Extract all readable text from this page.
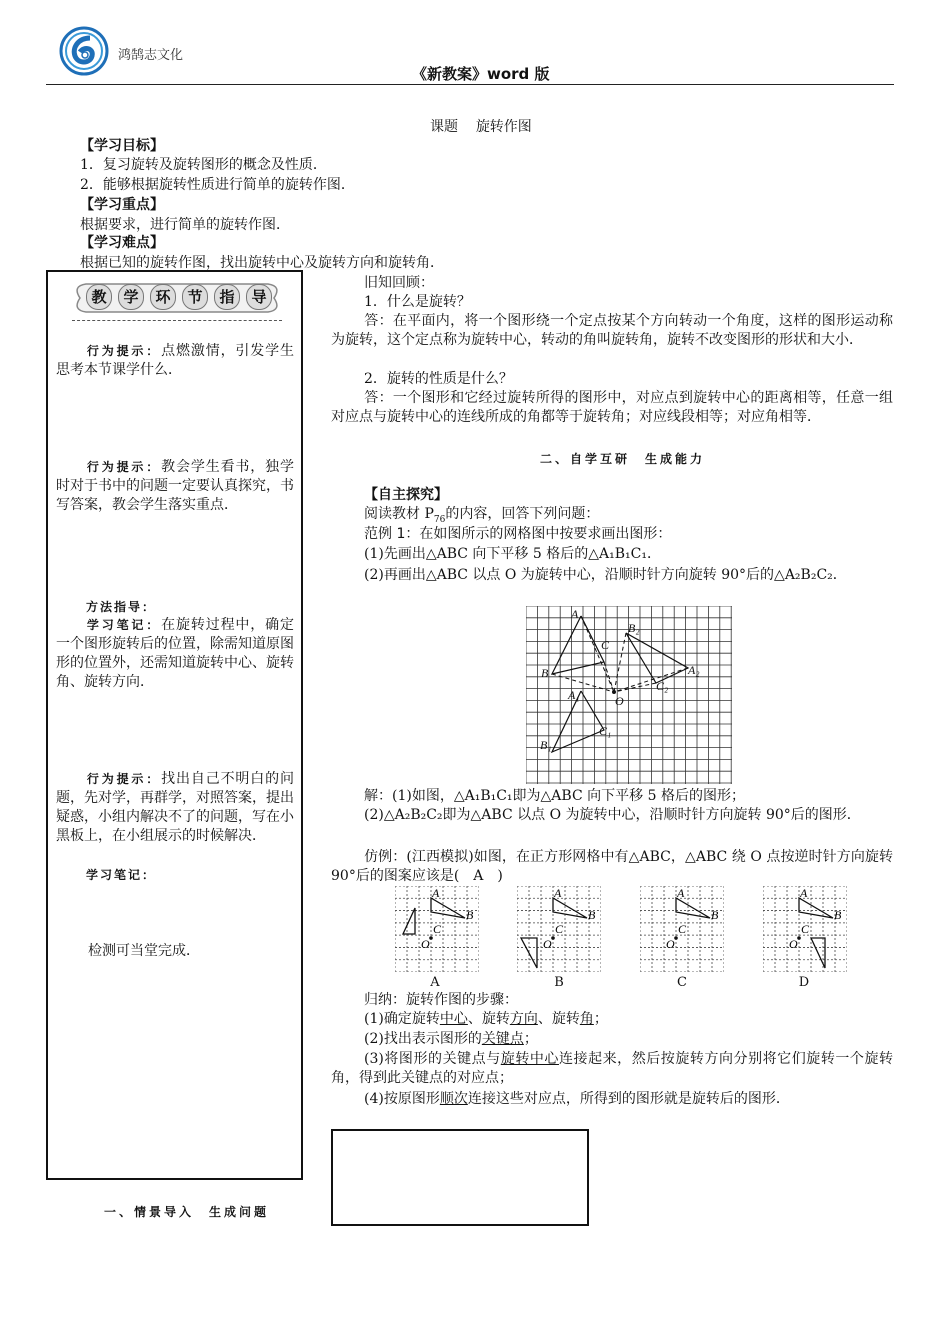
鸿鹄志文化
《新教案》word 版
课题 旋转作图
【学习目标】
1．复习旋转及旋转图形的概念及性质．
2．能够根据旋转性质进行简单的旋转作图．
【学习重点】
根据要求，进行简单的旋转作图．
【学习难点】
根据已知的旋转作图，找出旋转中心及旋转方向和旋转角．
教	学	环	节	指	导
行为提示：点燃激情，引发学生思考本节课学什么．
行为提示：教会学生看书，独学时对于书中的问题一定要认真探究，书写答案，教会学生落实重点．
方法指导：
学习笔记：在旋转过程中，确定一个图形旋转后的位置，除需知道原图形的位置外，还需知道旋转中心、旋转角、旋转方向．
行为提示：找出自己不明白的问题，先对学，再群学，对照答案，提出疑惑，小组内解决不了的问题，写在小黑板上，在小组展示的时候解决．
学习笔记：
检测可当堂完成．
一、情景导入　生成问题
旧知回顾：
1．什么是旋转？
答：在平面内，将一个图形绕一个定点按某个方向转动一个角度，这样的图形运动称为旋转，这个定点称为旋转中心，转动的角叫旋转角，旋转不改变图形的形状和大小．
2．旋转的性质是什么？
答：一个图形和它经过旋转所得的图形中，对应点到旋转中心的距离相等，任意一组对应点与旋转中心的连线所成的角都等于旋转角；对应线段相等；对应角相等．
二、自学互研　生成能力
【自主探究】
阅读教材 $P_{76}$的内容，回答下列问题：
范例 1：在如图所示的网格图中按要求画出图形：
(1)先画出△ABC 向下平移 5 格后的△A₁B₁C₁．
(2)再画出△ABC 以点 O 为旋转中心，沿顺时针方向旋转 90°后的△A₂B₂C₂．
A
C
B₂
B	A₂
C₂
A₁	O
C₁
B₁
解：(1)如图，△A₁B₁C₁即为△ABC 向下平移 5 格后的图形；
(2)△A₂B₂C₂即为△ABC 以点 O 为旋转中心，沿顺时针方向旋转 90°后的图形．
仿例：(江西模拟)如图，在正方形网格中有△ABC，△ABC 绕 O 点按逆时针方向旋转 90°后的图案应该是(　A　)
A	B	C	D
A
B
C
O
A
B
C
O
A
B
C
O
A
B
C
O
归纳：旋转作图的步骤：
(1)确定旋转中心、旋转方向、旋转角；
(2)找出表示图形的关键点；
(3)将图形的关键点与旋转中心连接起来，然后按旋转方向分别将它们旋转一个旋转角，得到此关键点的对应点；
(4)按原图形顺次连接这些对应点，所得到的图形就是旋转后的图形．
